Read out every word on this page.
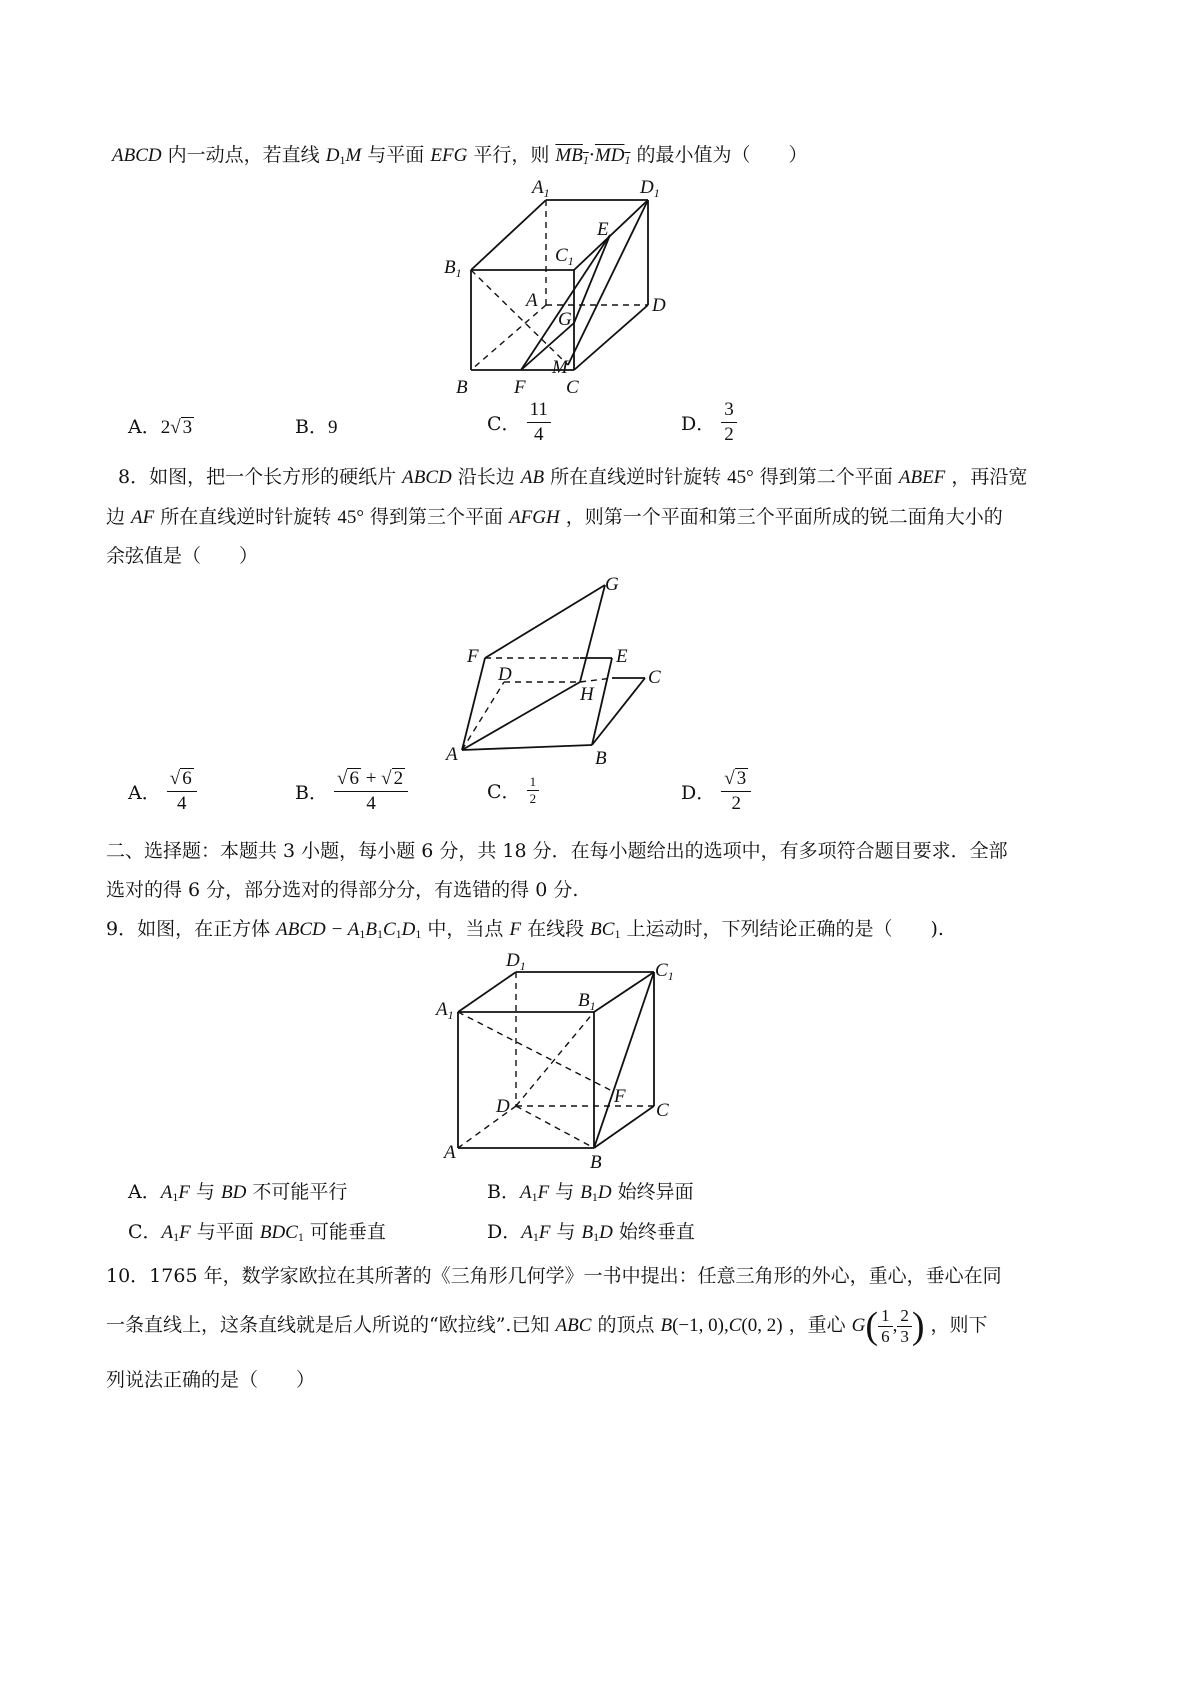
ABCD 内一动点，若直线 $D_1M$ 与平面 EFG 平行，则 $MB_1\cdot MD_1$ 的最小值为（　　）
$A_1$	$D_1$
E
$B_1$
$C_1$
A
G
D
M
B F C
A．2√ 3	B．9	C． $\frac{11}{4}$	D． $\frac{3}{2}$
8．如图，把一个长方形的硬纸片 ABCD 沿长边 AB 所在直线逆时针旋转 45° 得到第二个平面 ABEF ，再沿宽
边 AF 所在直线逆时针旋转 45° 得到第三个平面 AFGH ，则第一个平面和第三个平面所成的锐二面角大小的
余弦值是（　　）
G
F	E
D	C
H
A	B
A． $\frac{√ 6}{4}$	B． $\frac{√ 6 + √ 2}{4}$	C． $\frac{1}{2}$	D． $\frac{√ 3}{2}$
二、选择题：本题共 3 小题，每小题 6 分，共 18 分．在每小题给出的选项中，有多项符合题目要求．全部
选对的得 6 分，部分选对的得部分分，有选错的得 0 分.
9．如图，在正方体 ABCD − $A_1B_1C_1D_1$ 中，当点 F 在线段 $BC_1$ 上运动时，下列结论正确的是（　　).
$D_1$	$C_1$
$A_1$
$B_1$
F
D	C
A	B
A．$A_1F$ 与 BD 不可能平行	B．$A_1F$ 与 $B_1D$ 始终异面
C．$A_1F$ 与平面 $BDC_1$ 可能垂直	D．$A_1F$ 与 $B_1D$ 始终垂直
10．1765 年，数学家欧拉在其所著的《三角形几何学》一书中提出：任意三角形的外心，重心，垂心在同
一条直线上，这条直线就是后人所说的“欧拉线”.已知 ABC 的顶点 B(−1, 0),C(0, 2) ，重心 $G( \frac{1}{6}$ , $\frac{2}{3}$ ) ，则下
列说法正确的是（　　）
